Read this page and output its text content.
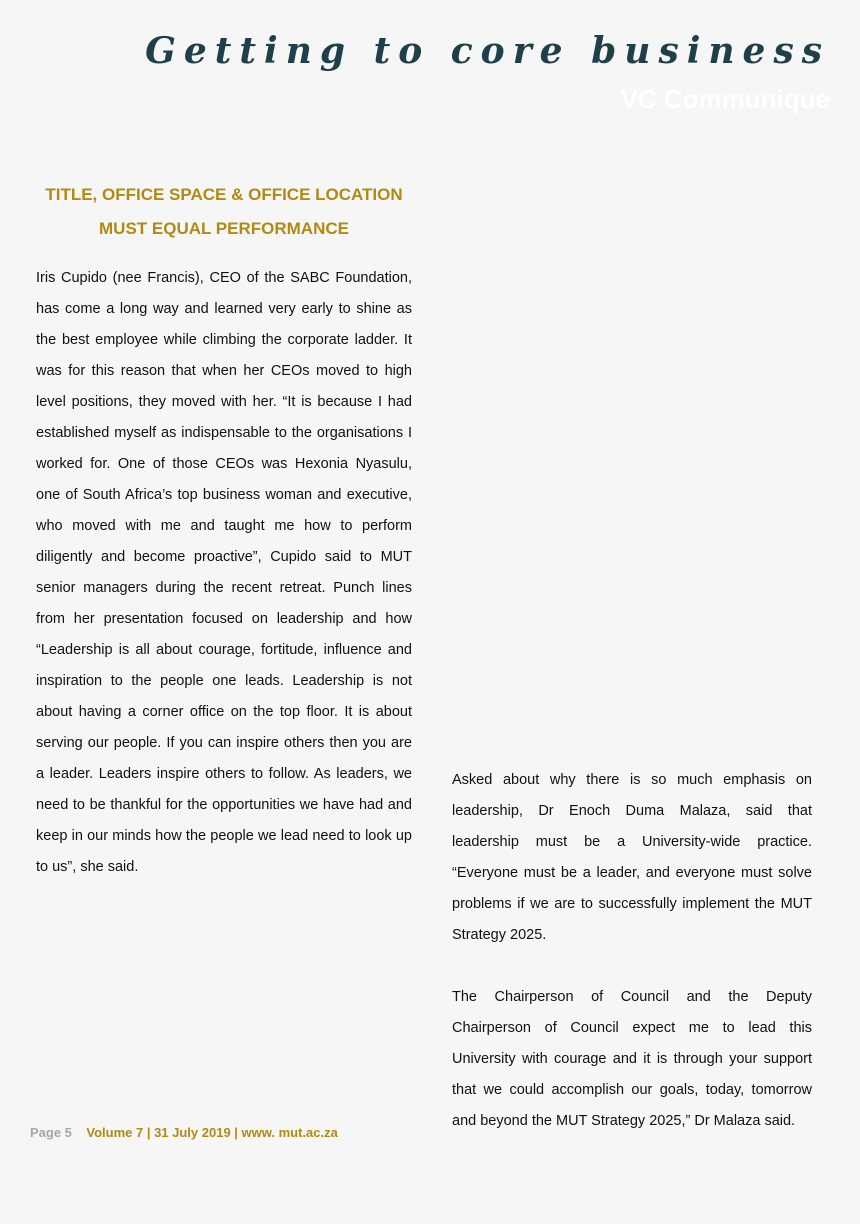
Getting to core business
VC Communique
TITLE, OFFICE SPACE & OFFICE LOCATION
MUST EQUAL PERFORMANCE

Iris Cupido (nee Francis), CEO of the SABC Foundation, has come a long way and learned very early to shine as the best employee while climbing the corporate ladder. It was for this reason that when her CEOs moved to high level positions, they moved with her. “It is because I had established myself as indispensable to the organisations I worked for. One of those CEOs was Hexonia Nyasulu, one of South Africa’s top business woman and executive, who moved with me and taught me how to perform diligently and become proactive”, Cupido said to MUT senior managers during the recent retreat. Punch lines from her presentation focused on leadership and how “Leadership is all about courage, fortitude, influence and inspiration to the people one leads. Leadership is not about having a corner office on the top floor. It is about serving our people. If you can inspire others then you are a leader. Leaders inspire others to follow. As leaders, we need to be thankful for the opportunities we have had and keep in our minds how the people we lead need to look up to us”, she said.

Asked about why there is so much emphasis on leadership, Dr Enoch Duma Malaza, said that leadership must be a University-wide practice. “Everyone must be a leader, and everyone must solve problems if we are to successfully implement the MUT Strategy 2025.

The Chairperson of Council and the Deputy Chairperson of Council expect me to lead this University with courage and it is through your support that we could accomplish our goals, today, tomorrow and beyond the MUT Strategy 2025,” Dr Malaza said.

Page 5 Volume 7 | 31 July 2019 | www. mut.ac.za
